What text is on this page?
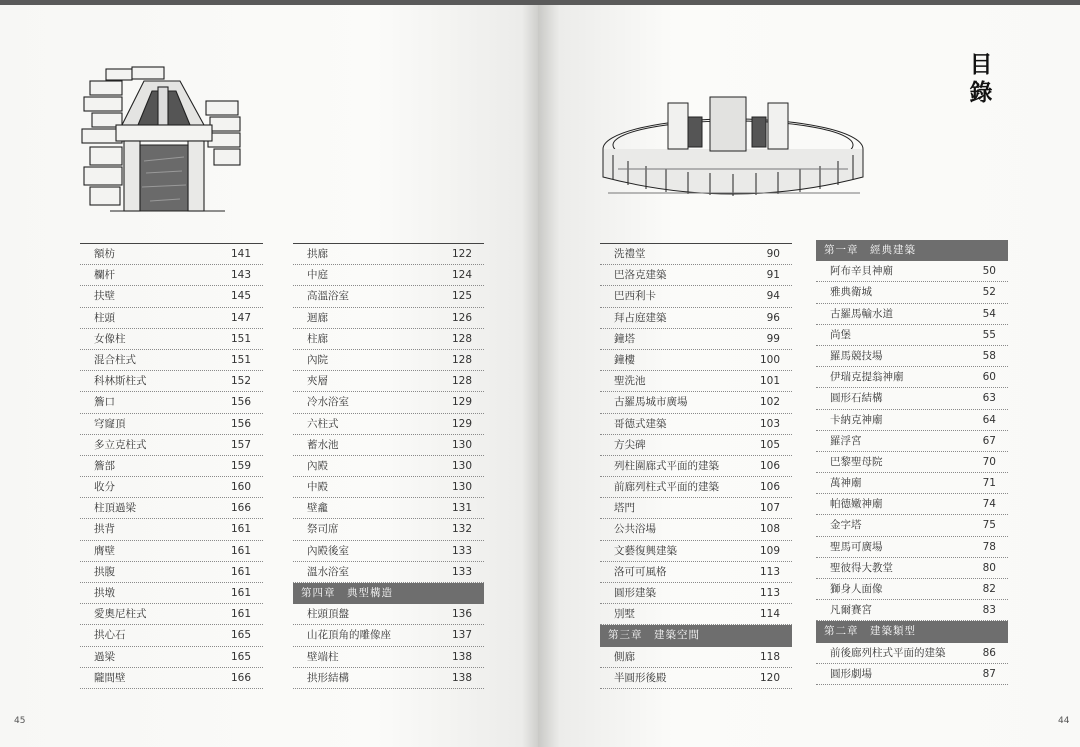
額枋	141
欄杆	143
扶壁	145
柱頭	147
女像柱	151
混合柱式	151
科林斯柱式	152
簷口	156
穹窿頂	156
多立克柱式	157
簷部	159
收分	160
柱頂過梁	166
拱背	161
膺壁	161
拱腹	161
拱墩	161
愛奧尼柱式	161
拱心石	165
過梁	165
隴間壁	166
拱廊	122
中庭	124
高溫浴室	125
迴廊	126
柱廊	128
內院	128
夾層	128
冷水浴室	129
六柱式	129
蓄水池	130
內殿	130
中殿	130
壁龕	131
祭司席	132
內殿後室	133
溫水浴室	133
第四章　典型構造
柱頭頂盤	136
山花頂角的雕像座	137
壁端柱	138
拱形結構	138
45
目
錄
洗禮堂	90
巴洛克建築	91
巴西利卡	94
拜占庭建築	96
鐘塔	99
鐘樓	100
聖洗池	101
古羅馬城市廣場	102
哥德式建築	103
方尖碑	105
列柱圍廊式平面的建築	106
前廊列柱式平面的建築	106
塔門	107
公共浴場	108
文藝復興建築	109
洛可可風格	113
圓形建築	113
別墅	114
第三章　建築空間
側廊	118
半圓形後殿	120
第一章　經典建築
阿布辛貝神廟	50
雅典衛城	52
古羅馬輸水道	54
尚堡	55
羅馬競技場	58
伊瑞克提翁神廟	60
圓形石結構	63
卡納克神廟	64
羅浮宮	67
巴黎聖母院	70
萬神廟	71
帕德嫩神廟	74
金字塔	75
聖馬可廣場	78
聖彼得大教堂	80
獅身人面像	82
凡爾賽宮	83
第二章　建築類型
前後廊列柱式平面的建築	86
圓形劇場	87
44
